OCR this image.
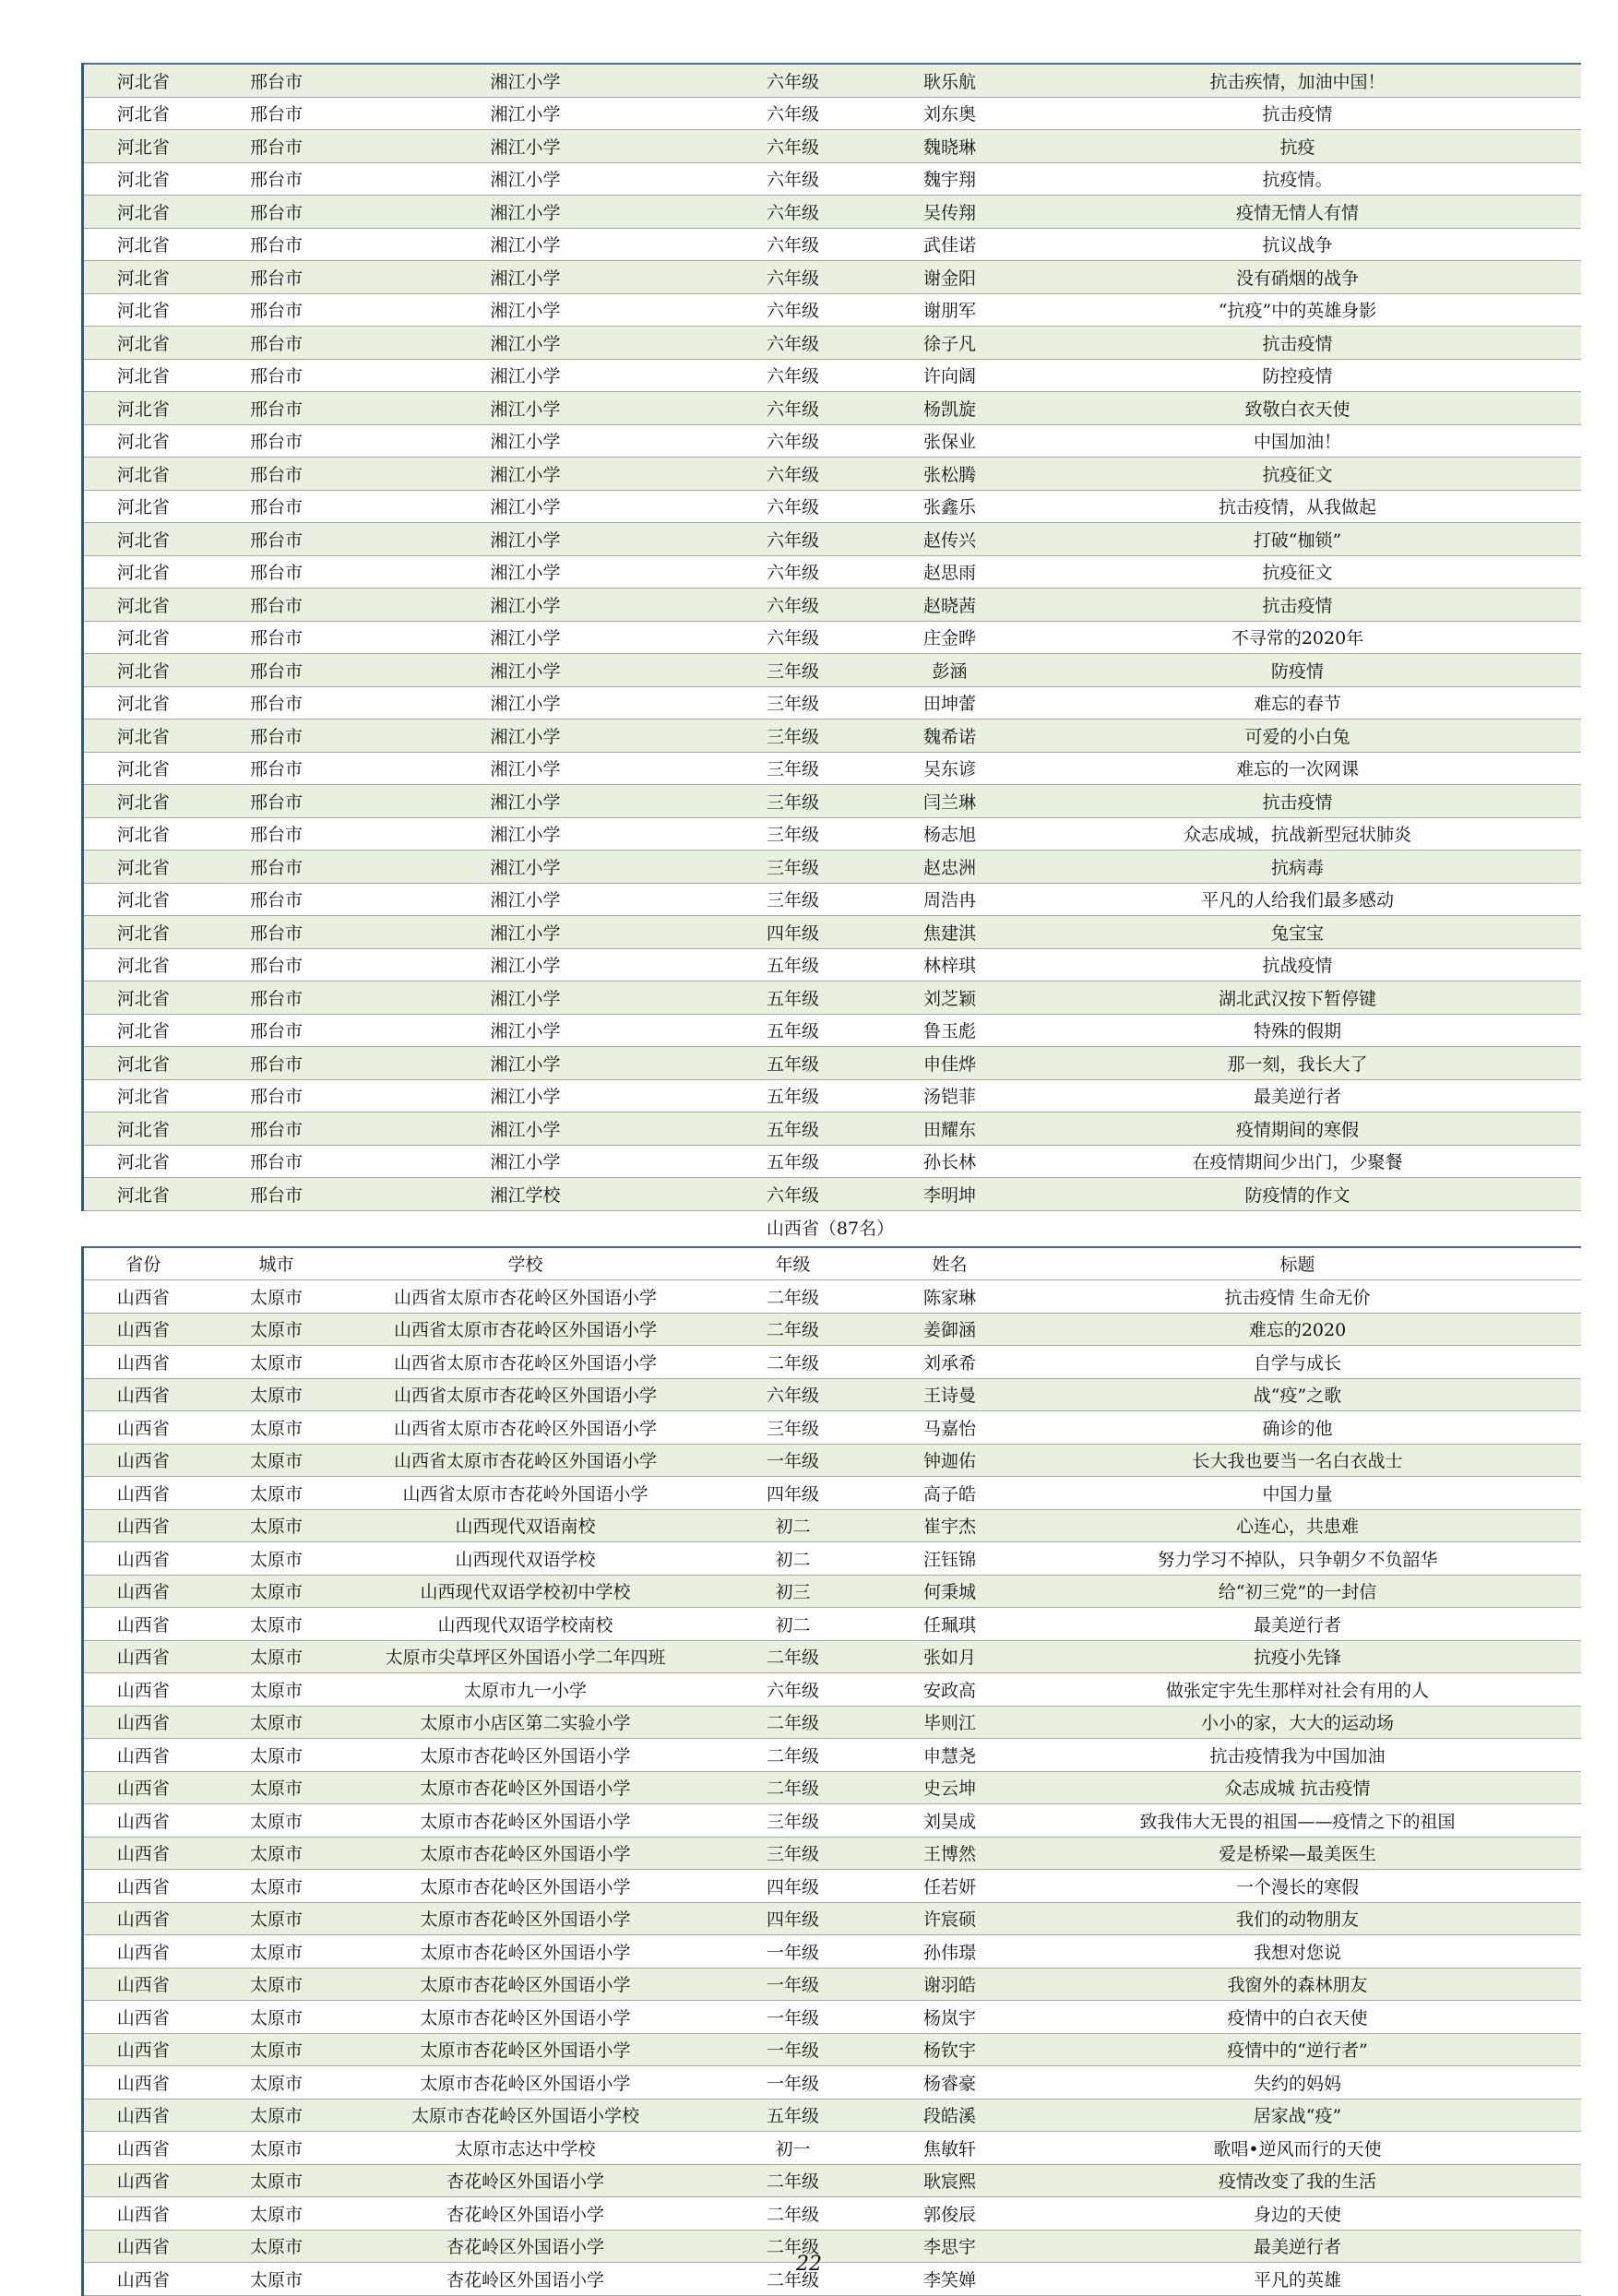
河北省	邢台市	湘江小学	六年级	耿乐航	抗击疾情，加油中国！
河北省	邢台市	湘江小学	六年级	刘东奥	抗击疫情
河北省	邢台市	湘江小学	六年级	魏晓琳	抗疫
河北省	邢台市	湘江小学	六年级	魏宇翔	抗疫情。
河北省	邢台市	湘江小学	六年级	吴传翔	疫情无情人有情
河北省	邢台市	湘江小学	六年级	武佳诺	抗议战争
河北省	邢台市	湘江小学	六年级	谢金阳	没有硝烟的战争
河北省	邢台市	湘江小学	六年级	谢朋军	“抗疫”中的英雄身影
河北省	邢台市	湘江小学	六年级	徐子凡	抗击疫情
河北省	邢台市	湘江小学	六年级	许向阔	防控疫情
河北省	邢台市	湘江小学	六年级	杨凯旋	致敬白衣天使
河北省	邢台市	湘江小学	六年级	张保业	中国加油！
河北省	邢台市	湘江小学	六年级	张松腾	抗疫征文
河北省	邢台市	湘江小学	六年级	张鑫乐	抗击疫情，从我做起
河北省	邢台市	湘江小学	六年级	赵传兴	打破“枷锁”
河北省	邢台市	湘江小学	六年级	赵思雨	抗疫征文
河北省	邢台市	湘江小学	六年级	赵晓茜	抗击疫情
河北省	邢台市	湘江小学	六年级	庄金晔	不寻常的2020年
河北省	邢台市	湘江小学	三年级	彭涵	防疫情
河北省	邢台市	湘江小学	三年级	田坤蕾	难忘的春节
河北省	邢台市	湘江小学	三年级	魏希诺	可爱的小白兔
河北省	邢台市	湘江小学	三年级	吴东谚	难忘的一次网课
河北省	邢台市	湘江小学	三年级	闫兰琳	抗击疫情
河北省	邢台市	湘江小学	三年级	杨志旭	众志成城，抗战新型冠状肺炎
河北省	邢台市	湘江小学	三年级	赵忠洲	抗病毒
河北省	邢台市	湘江小学	三年级	周浩冉	平凡的人给我们最多感动
河北省	邢台市	湘江小学	四年级	焦建淇	兔宝宝
河北省	邢台市	湘江小学	五年级	林梓琪	抗战疫情
河北省	邢台市	湘江小学	五年级	刘芝颖	湖北武汉按下暂停键
河北省	邢台市	湘江小学	五年级	鲁玉彪	特殊的假期
河北省	邢台市	湘江小学	五年级	申佳烨	那一刻，我长大了
河北省	邢台市	湘江小学	五年级	汤铠菲	最美逆行者
河北省	邢台市	湘江小学	五年级	田耀东	疫情期间的寒假
河北省	邢台市	湘江小学	五年级	孙长林	在疫情期间少出门，少聚餐
河北省	邢台市	湘江学校	六年级	李明坤	防疫情的作文
山西省（87名）
省份	城市	学校	年级	姓名	标题
山西省	太原市	山西省太原市杏花岭区外国语小学	二年级	陈家琳	抗击疫情 生命无价
山西省	太原市	山西省太原市杏花岭区外国语小学	二年级	姜御涵	难忘的2020
山西省	太原市	山西省太原市杏花岭区外国语小学	二年级	刘承希	自学与成长
山西省	太原市	山西省太原市杏花岭区外国语小学	六年级	王诗曼	战“疫”之歌
山西省	太原市	山西省太原市杏花岭区外国语小学	三年级	马嘉怡	确诊的他
山西省	太原市	山西省太原市杏花岭区外国语小学	一年级	钟迦佑	长大我也要当一名白衣战士
山西省	太原市	山西省太原市杏花岭外国语小学	四年级	高子皓	中国力量
山西省	太原市	山西现代双语南校	初二	崔宇杰	心连心，共患难
山西省	太原市	山西现代双语学校	初二	汪钰锦	努力学习不掉队，只争朝夕不负韶华
山西省	太原市	山西现代双语学校初中学校	初三	何秉城	给“初三党”的一封信
山西省	太原市	山西现代双语学校南校	初二	任珮琪	最美逆行者
山西省	太原市	太原市尖草坪区外国语小学二年四班	二年级	张如月	抗疫小先锋
山西省	太原市	太原市九一小学	六年级	安政高	做张定宇先生那样对社会有用的人
山西省	太原市	太原市小店区第二实验小学	二年级	毕则江	小小的家，大大的运动场
山西省	太原市	太原市杏花岭区外国语小学	二年级	申慧尧	抗击疫情我为中国加油
山西省	太原市	太原市杏花岭区外国语小学	二年级	史云坤	众志成城 抗击疫情
山西省	太原市	太原市杏花岭区外国语小学	三年级	刘昊成	致我伟大无畏的祖国——疫情之下的祖国
山西省	太原市	太原市杏花岭区外国语小学	三年级	王博然	爱是桥梁—最美医生
山西省	太原市	太原市杏花岭区外国语小学	四年级	任若妍	一个漫长的寒假
山西省	太原市	太原市杏花岭区外国语小学	四年级	许宸硕	我们的动物朋友
山西省	太原市	太原市杏花岭区外国语小学	一年级	孙伟璟	我想对您说
山西省	太原市	太原市杏花岭区外国语小学	一年级	谢羽皓	我窗外的森林朋友
山西省	太原市	太原市杏花岭区外国语小学	一年级	杨岚宇	疫情中的白衣天使
山西省	太原市	太原市杏花岭区外国语小学	一年级	杨钦宇	疫情中的“逆行者”
山西省	太原市	太原市杏花岭区外国语小学	一年级	杨睿豪	失约的妈妈
山西省	太原市	太原市杏花岭区外国语小学校	五年级	段皓溪	居家战“疫”
山西省	太原市	太原市志达中学校	初一	焦敏轩	歌唱•逆风而行的天使
山西省	太原市	杏花岭区外国语小学	二年级	耿宸熙	疫情改变了我的生活
山西省	太原市	杏花岭区外国语小学	二年级	郭俊辰	身边的天使
山西省	太原市	杏花岭区外国语小学	二年级	李思宇	最美逆行者
山西省	太原市	杏花岭区外国语小学	二年级	李笑婵	平凡的英雄
22
